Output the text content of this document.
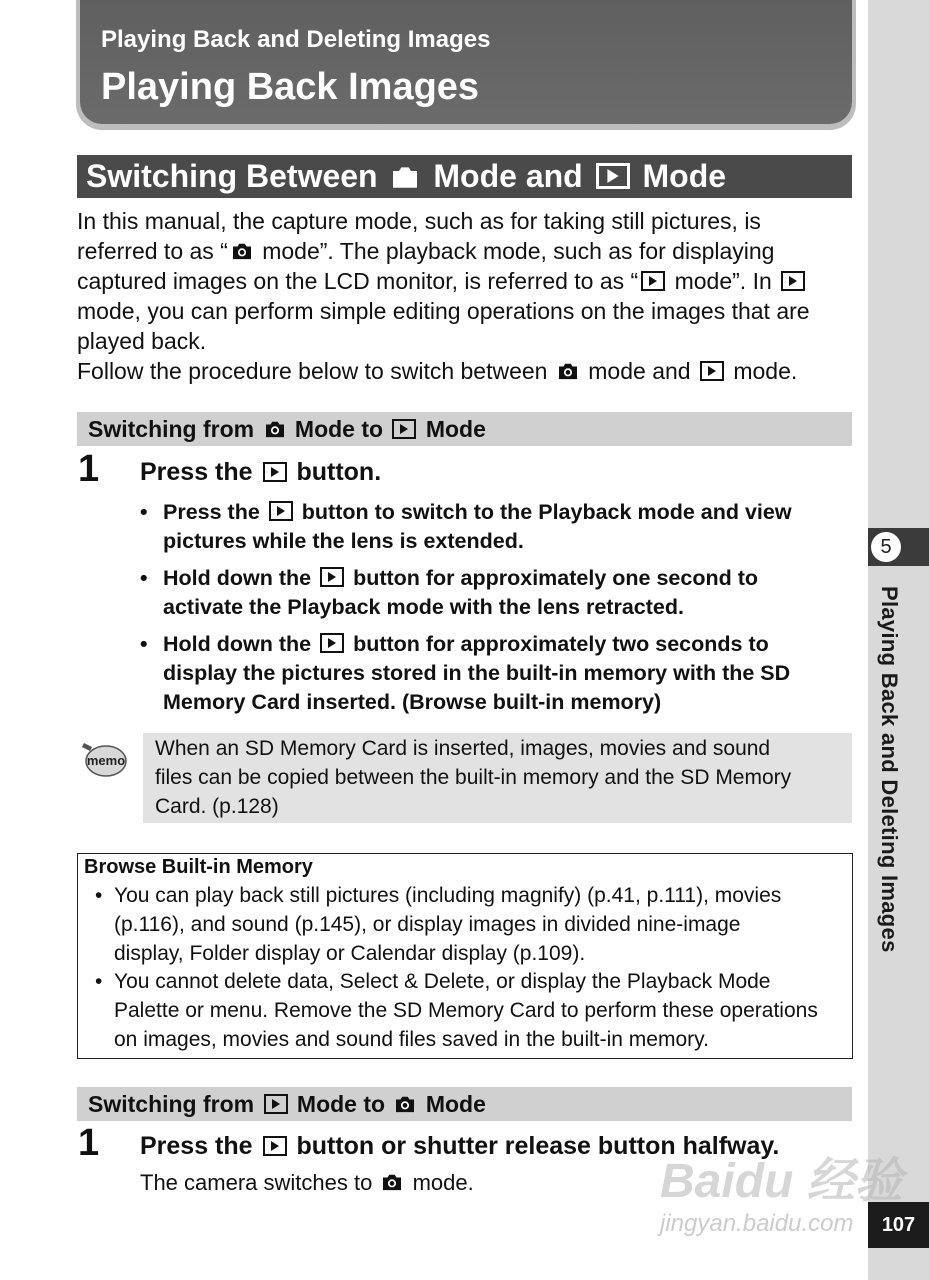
5
Playing Back and Deleting Images
107
Playing Back and Deleting Images
Playing Back Images
Switching Between Mode and Mode
In this manual, the capture mode, such as for taking still pictures, is
referred to as “ mode”. The playback mode, such as for displaying
captured images on the LCD monitor, is referred to as “
mode”. In
mode, you can perform simple editing operations on the images that are
played back.
Follow the procedure below to switch between mode and mode.
Switching from Mode to Mode
1 Press the button.
• Press the button to switch to the Playback mode and view
pictures while the lens is extended.
• Hold down the button for approximately one second to
activate the Playback mode with the lens retracted.
• Hold down the button for approximately two seconds to
display the pictures stored in the built-in memory with the SD
Memory Card inserted. (Browse built-in memory)
memo
When an SD Memory Card is inserted, images, movies and sound
files can be copied between the built-in memory and the SD Memory
Card. (p.128)
Browse Built-in Memory
• You can play back still pictures (including magnify) (p.41, p.111), movies
(p.116), and sound (p.145), or display images in divided nine-image
display, Folder display or Calendar display (p.109).
• You cannot delete data, Select & Delete, or display the Playback Mode
Palette or menu. Remove the SD Memory Card to perform these operations
on images, movies and sound files saved in the built-in memory.
Switching from Mode to Mode
1 Press the button or shutter release button halfway.
The camera switches to mode.	Baidu 经验
jingyan.baidu.com
